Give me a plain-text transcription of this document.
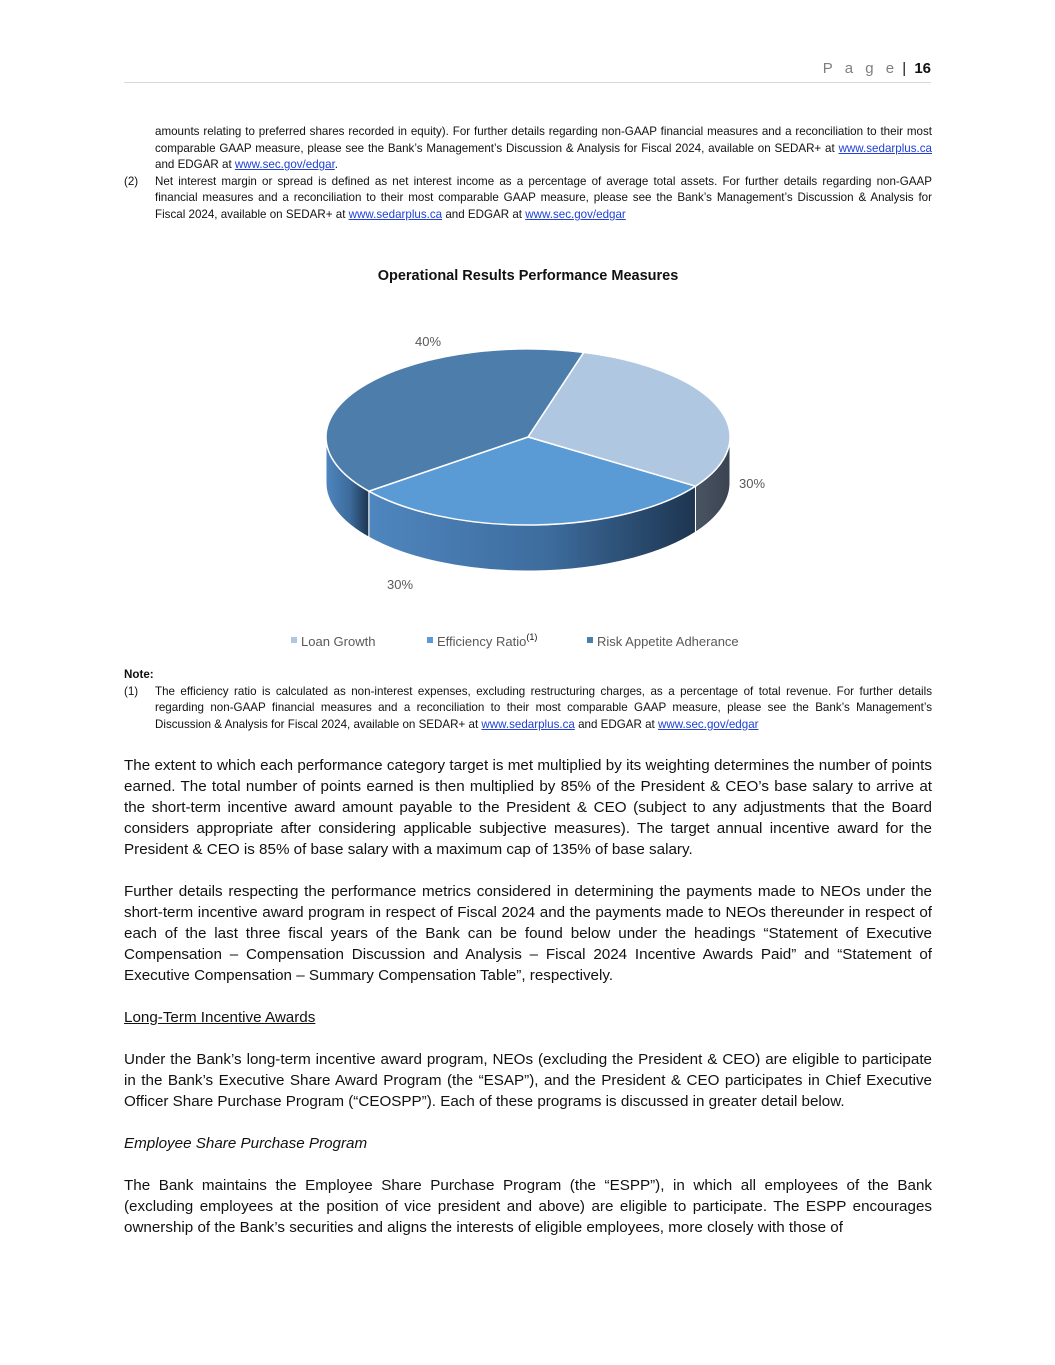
P a g e | 16

amounts relating to preferred shares recorded in equity). For further details regarding non-GAAP financial measures and a reconciliation to their most comparable GAAP measure, please see the Bank’s Management’s Discussion & Analysis for Fiscal 2024, available on SEDAR+ at www.sedarplus.ca and EDGAR at www.sec.gov/edgar.

(2)	Net interest margin or spread is defined as net interest income as a percentage of average total assets. For further details regarding non-GAAP financial measures and a reconciliation to their most comparable GAAP measure, please see the Bank’s Management’s Discussion & Analysis for Fiscal 2024, available on SEDAR+ at www.sedarplus.ca and EDGAR at www.sec.gov/edgar
Operational Results Performance Measures
30%
30%
40%
Loan Growth	Efficiency Ratio$^{(1)}$	Risk Appetite Adherance

Note:

(1)	The efficiency ratio is calculated as non-interest expenses, excluding restructuring charges, as a percentage of total revenue. For further details regarding non-GAAP financial measures and a reconciliation to their most comparable GAAP measure, please see the Bank’s Management’s Discussion & Analysis for Fiscal 2024, available on SEDAR+ at www.sedarplus.ca and EDGAR at www.sec.gov/edgar

The extent to which each performance category target is met multiplied by its weighting determines the number of points earned. The total number of points earned is then multiplied by 85% of the President & CEO’s base salary to arrive at the short-term incentive award amount payable to the President & CEO (subject to any adjustments that the Board considers appropriate after considering applicable subjective measures). The target annual incentive award for the President & CEO is 85% of base salary with a maximum cap of 135% of base salary.

Further details respecting the performance metrics considered in determining the payments made to NEOs under the short-term incentive award program in respect of Fiscal 2024 and the payments made to NEOs thereunder in respect of each of the last three fiscal years of the Bank can be found below under the headings “Statement of Executive Compensation – Compensation Discussion and Analysis – Fiscal 2024 Incentive Awards Paid” and “Statement of Executive Compensation – Summary Compensation Table”, respectively.

Long-Term Incentive Awards

Under the Bank’s long-term incentive award program, NEOs (excluding the President & CEO) are eligible to participate in the Bank’s Executive Share Award Program (the “ESAP”), and the President & CEO participates in Chief Executive Officer Share Purchase Program (“CEOSPP”). Each of these programs is discussed in greater detail below.

Employee Share Purchase Program

The Bank maintains the Employee Share Purchase Program (the “ESPP”), in which all employees of the Bank (excluding employees at the position of vice president and above) are eligible to participate. The ESPP encourages ownership of the Bank’s securities and aligns the interests of eligible employees, more closely with those of
